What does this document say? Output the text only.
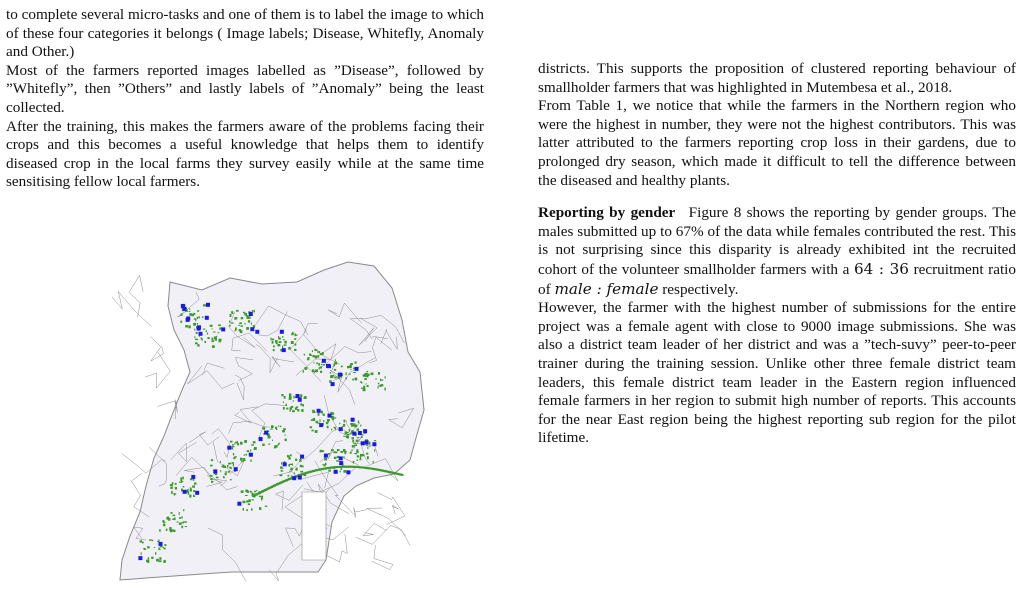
to complete several micro-tasks and one of them is to label the image to which of these four categories it belongs ( Image labels; Disease, Whitefly, Anomaly and Other.)

Most of the farmers reported images labelled as ”Disease”, followed by ”Whitefly”, then ”Others” and lastly labels of ”Anomaly” being the least collected.

After the training, this makes the farmers aware of the problems facing their crops and this becomes a useful knowledge that helps them to identify diseased crop in the local farms they survey easily while at the same time sensitising fellow local farmers.

districts. This supports the proposition of clustered reporting behaviour of smallholder farmers that was highlighted in Mutembesa et al., 2018.

From Table 1, we notice that while the farmers in the Northern region who were the highest in number, they were not the highest contributors. This was latter attributed to the farmers reporting crop loss in their gardens, due to prolonged dry season, which made it difficult to tell the difference between the diseased and healthy plants.

Reporting by gender Figure 8 shows the reporting by gender groups. The males submitted up to 67% of the data while females contributed the rest. This is not surprising since this disparity is already exhibited int the recruited cohort of the volunteer smallholder farmers with a 64 : 36 recruitment ratio of male : female respectively.

However, the farmer with the highest number of submissions for the entire project was a female agent with close to 9000 image submissions. She was also a district team leader of her district and was a ”tech-suvy” peer-to-peer trainer during the training session. Unlike other three female district team leaders, this female district team leader in the Eastern region influenced female farmers in her region to submit high number of reports. This accounts for the near East region being the highest reporting sub region for the pilot lifetime.
